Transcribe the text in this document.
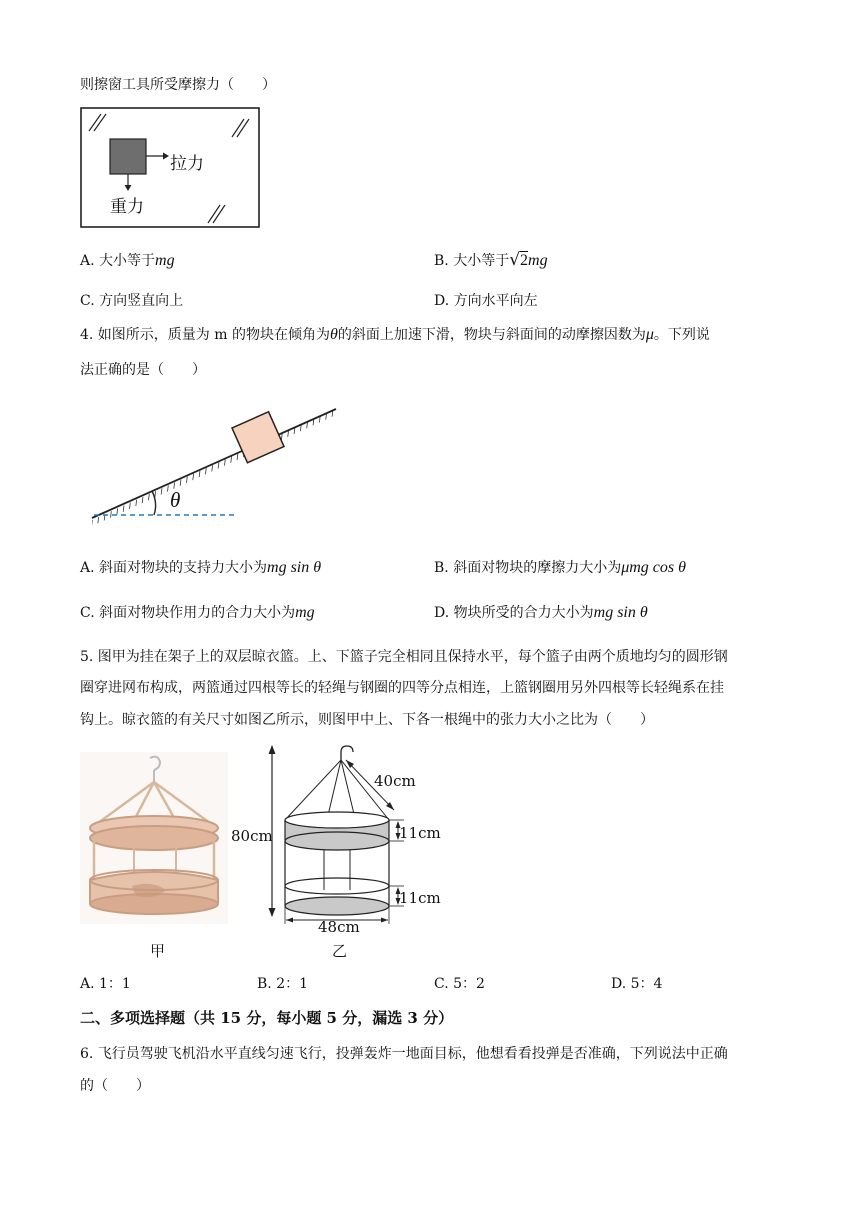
则擦窗工具所受摩擦力（　　）
拉力
重力
A. 大小等于mg	B. 大小等于√2mg
C. 方向竖直向上	D. 方向水平向左
4. 如图所示，质量为 m 的物块在倾角为θ的斜面上加速下滑，物块与斜面间的动摩擦因数为μ。下列说
法正确的是（　　）
θ
A. 斜面对物块的支持力大小为mg sin θ	B. 斜面对物块的摩擦力大小为μmg cos θ
C. 斜面对物块作用力的合力大小为mg	D. 物块所受的合力大小为mg sin θ
5. 图甲为挂在架子上的双层晾衣篮。上、下篮子完全相同且保持水平，每个篮子由两个质地均匀的圆形钢
圈穿进网布构成，两篮通过四根等长的轻绳与钢圈的四等分点相连，上篮钢圈用另外四根等长轻绳系在挂
钩上。晾衣篮的有关尺寸如图乙所示，则图甲中上、下各一根绳中的张力大小之比为（　　）
甲
80cm
40cm
11cm
11cm
48cm
乙
A. 1：1	B. 2：1	C. 5：2	D. 5：4
二、多项选择题（共 15 分，每小题 5 分，漏选 3 分）
6. 飞行员驾驶飞机沿水平直线匀速飞行，投弹轰炸一地面目标，他想看看投弹是否准确，下列说法中正确
的（　　）
